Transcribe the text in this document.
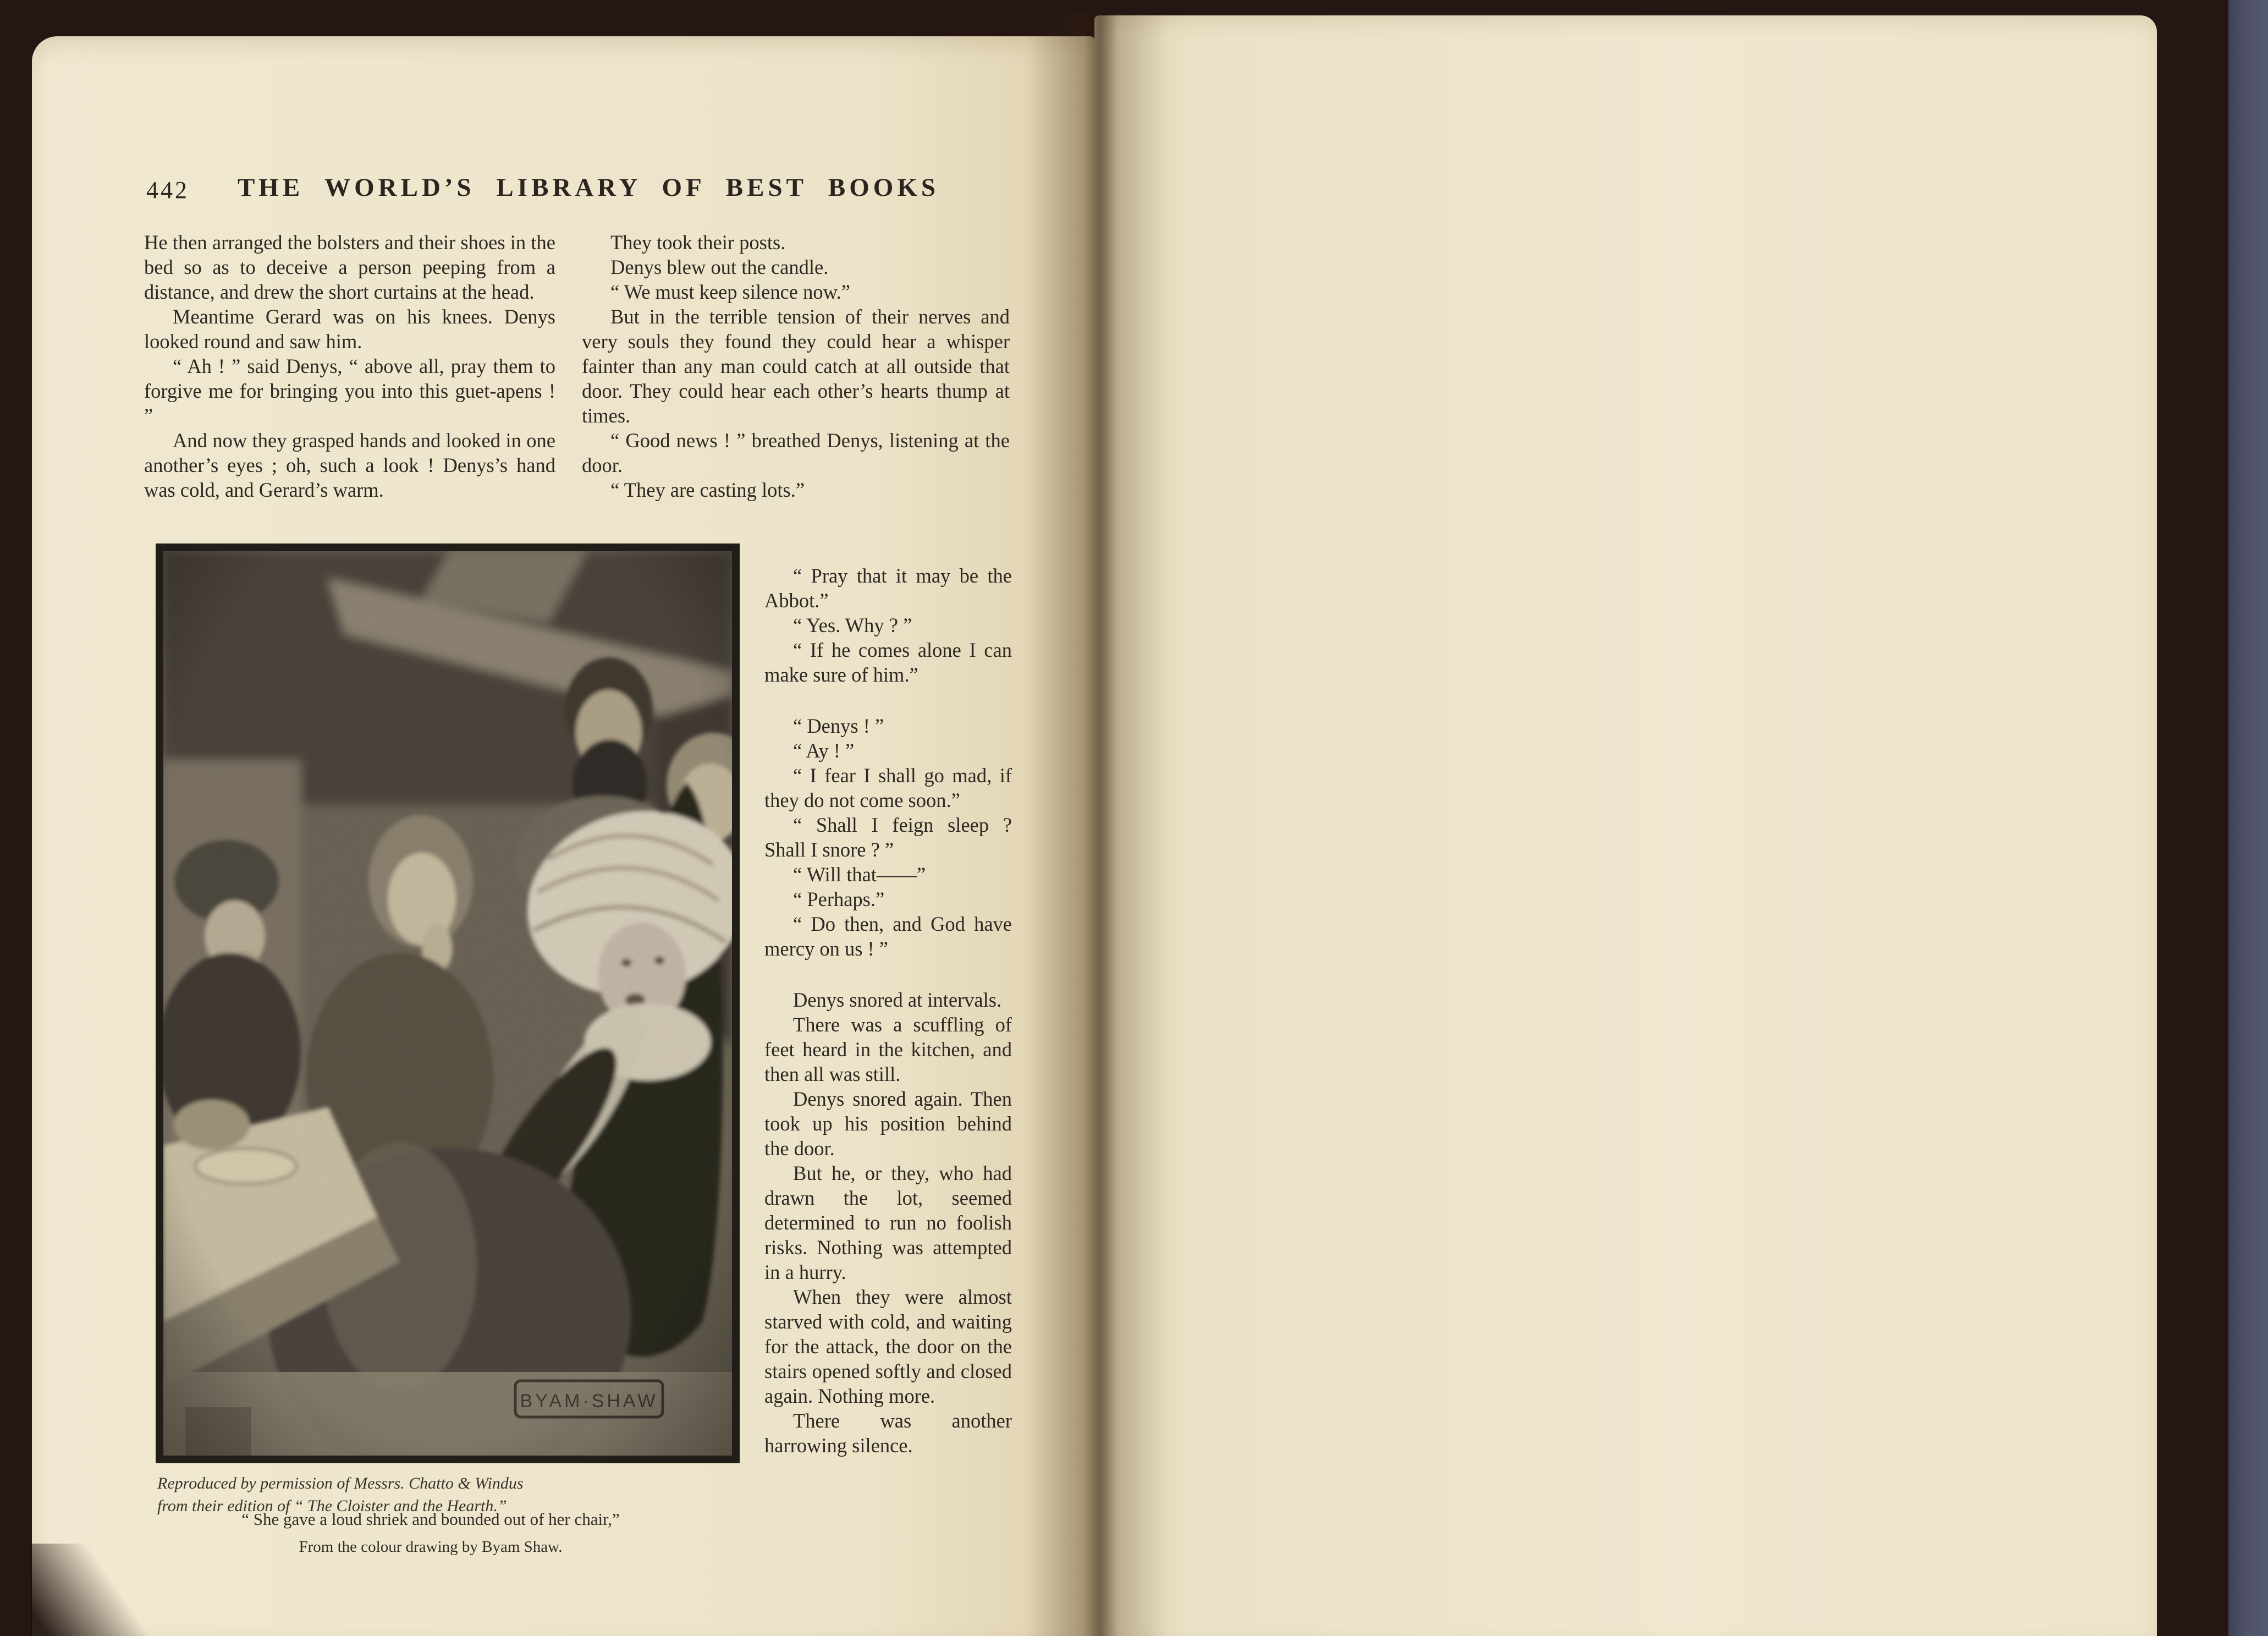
442 THE WORLD’S LIBRARY OF BEST BOOKS

He then arranged the bolsters and their shoes in the bed so as to deceive a person peeping from a distance, and drew the short curtains at the head.

Meantime Gerard was on his knees. Denys looked round and saw him.

“ Ah ! ” said Denys, “ above all, pray them to forgive me for bringing you into this guet-apens ! ”

And now they grasped hands and looked in one another’s eyes ; oh, such a look ! Denys’s hand was cold, and Gerard’s warm.

They took their posts.

Denys blew out the candle.

“ We must keep silence now.”

But in the terrible tension of their nerves and very souls they found they could hear a whisper fainter than any man could catch at all outside that door. They could hear each other’s hearts thump at times.

“ Good news ! ” breathed Denys, listening at the door.

“ They are casting lots.”

“ Pray that it may be the Abbot.”

“ Yes. Why ? ”

“ If he comes alone I can make sure of him.”

“ Denys ! ”

“ Ay ! ”

“ I fear I shall go mad, if they do not come soon.”

“ Shall I feign sleep ? Shall I snore ? ”

“ Will that——”

“ Perhaps.”

“ Do then, and God have mercy on us ! ”

Denys snored at intervals.

There was a scuffling of feet heard in the kitchen, and then all was still.

Denys snored again. Then took up his position behind the door.

But he, or they, who had drawn the lot, seemed determined to run no foolish risks. Nothing was attempted in a hurry.

When they were almost starved with cold, and waiting for the attack, the door on the stairs opened softly and closed again. Nothing more.

There was another harrowing silence.

Reproduced by permission of Messrs. Chatto & Windus
from their edition of “ The Cloister and the Hearth.”
“ She gave a loud shriek and bounded out of her chair,”
From the colour drawing by Byam Shaw.
